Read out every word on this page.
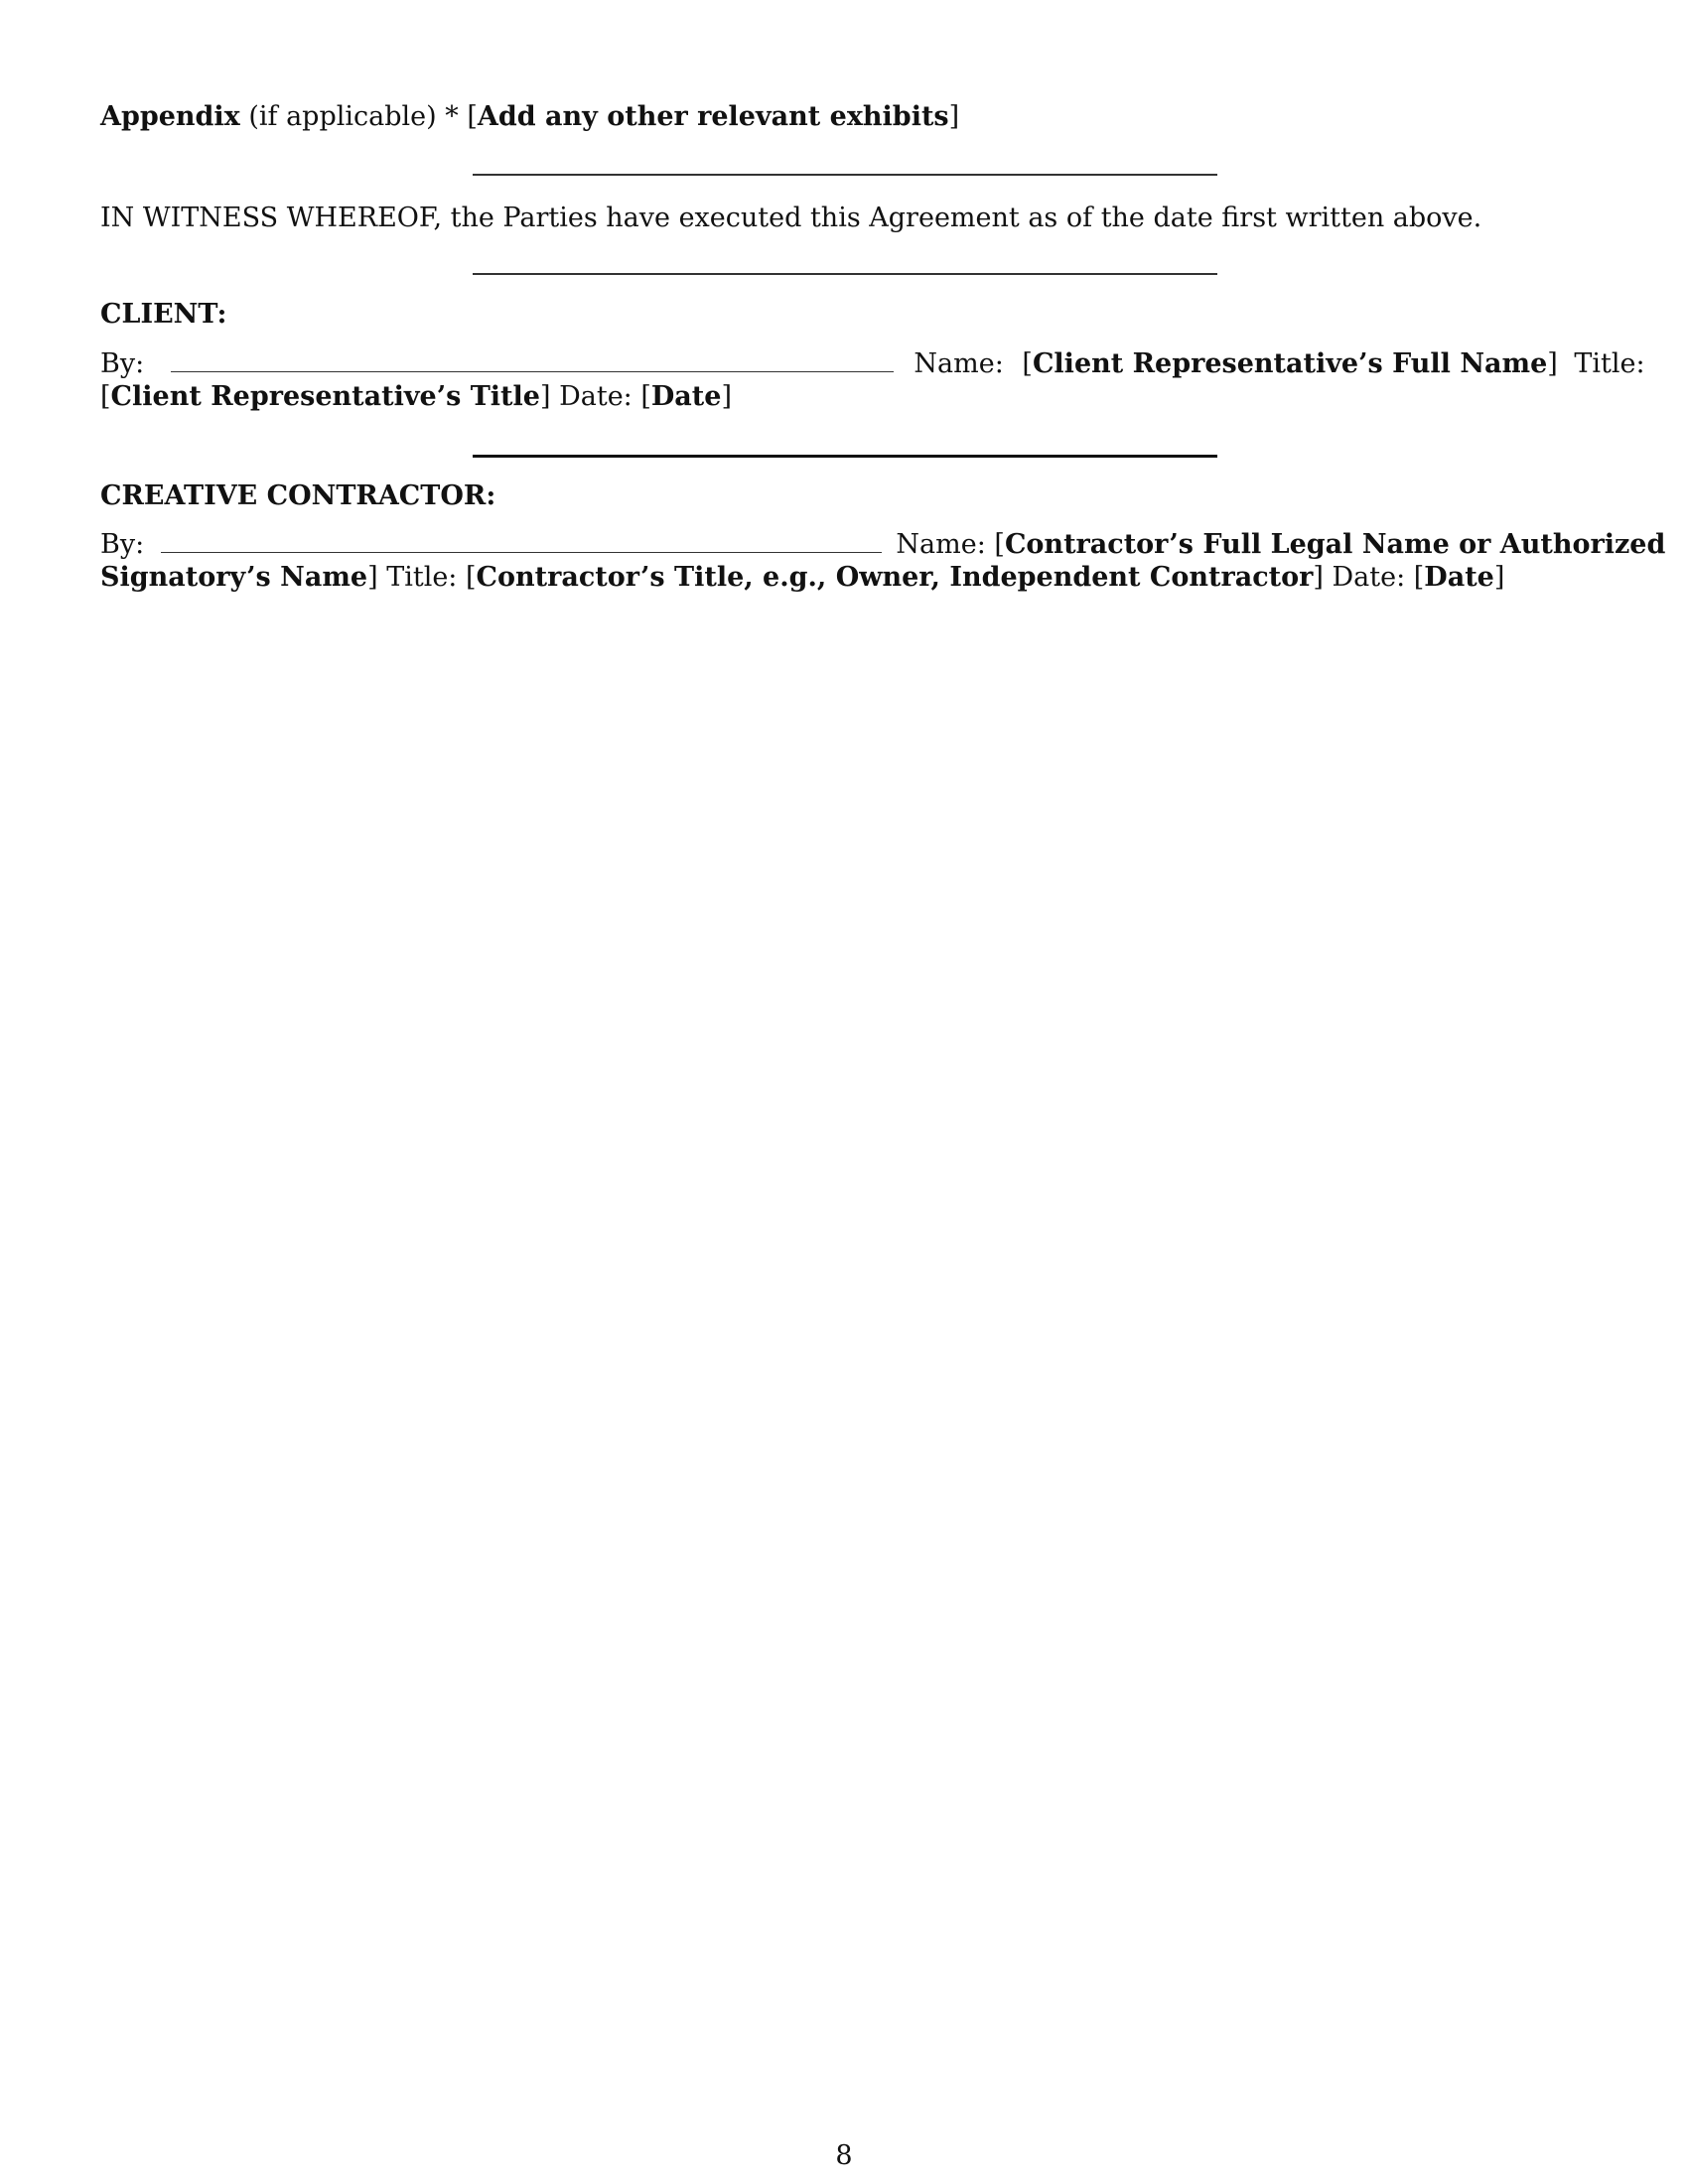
Appendix (if applicable) * [Add any other relevant exhibits]
IN WITNESS WHEREOF, the Parties have executed this Agreement as of the date first written above.
CLIENT:
By:	Name: [Client Representative’s Full Name] Title:
[Client Representative’s Title] Date: [Date]
CREATIVE CONTRACTOR:
By:	Name: [Contractor’s Full Legal Name or Authorized
Signatory’s Name] Title: [Contractor’s Title, e.g., Owner, Independent Contractor] Date: [Date]
8
